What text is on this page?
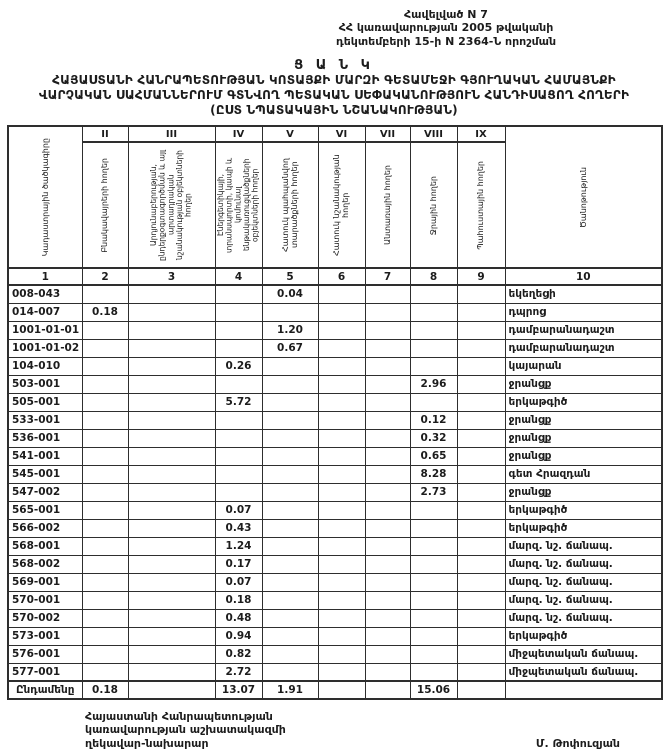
Հավելված N 7
ՀՀ կառավարության 2005 թվականի
դեկտեմբերի 15-ի N 2364-Ն որոշման
Ց Ա Ն Կ
ՀԱՅԱՍՏԱՆԻ ՀԱՆՐԱՊԵՏՈՒԹՅԱՆ ԿՈՏԱՅՔԻ ՄԱՐԶԻ ԳԵՏԱՄԵՋԻ ԳՅՈՒՂԱԿԱՆ ՀԱՄԱՅՆՔԻ
ՎԱՐՉԱԿԱՆ ՍԱՀՄԱՆՆԵՐՈՒՄ ԳՏՆՎՈՂ ՊԵՏԱԿԱՆ ՍԵՓԱԿԱՆՈՒԹՅՈՒՆ ՀԱՆԴԻՍԱՑՈՂ ՀՈՂԵՐԻ
(ԸՍՏ ՆՊԱՏԱԿԱՅԻՆ ՆՇԱՆԱԿՈՒԹՅԱՆ)
Կադաստրային ծածկագիրը	II	III	IV	V	VI	VII	VIII	IX	Ծանոթություն

	Բնակավայրերի հողեր	Արդյունաբերության, ընդերքօգտագործման և այլ արտադրական նշանակության օբյեկտների հողեր	Էներգետիկայի, տրանսպորտի, կապի և կոմունալ ենթակառուցվածքների օբյեկտների հողեր	Հատուկ պահպանվող տարածքների հողեր	Հատուկ նշանակության հողեր	Անտառային հողեր	Ջրային հողեր	Պահուստային հողեր	

1	2	3	4	5	6	7	8	9	10
008-043				0.04					եկեղեցի
014-007	0.18								դպրոց
1001-01-01				1.20					դամբարանադաշտ
1001-01-02				0.67					դամբարանադաշտ
104-010			0.26						կայարան
503-001							2.96		ջրանցք
505-001			5.72						երկաթգիծ
533-001							0.12		ջրանցք
536-001							0.32		ջրանցք
541-001							0.65		ջրանցք
545-001							8.28		գետ Հրազդան
547-002							2.73		ջրանցք
565-001			0.07						երկաթգիծ
566-002			0.43						երկաթգիծ
568-001			1.24						մարզ. նշ. ճանապ.
568-002			0.17						մարզ. նշ. ճանապ.
569-001			0.07						մարզ. նշ. ճանապ.
570-001			0.18						մարզ. նշ. ճանապ.
570-002			0.48						մարզ. նշ. ճանապ.
573-001			0.94						երկաթգիծ
576-001			0.82						միջպետական ճանապ.
577-001			2.72						միջպետական ճանապ.
Ընդամենը	0.18		13.07	1.91			15.06		
Հայաստանի Հանրապետության
կառավարության աշխատակազմի
ղեկավար-նախարար	Մ. Թոփուզյան
